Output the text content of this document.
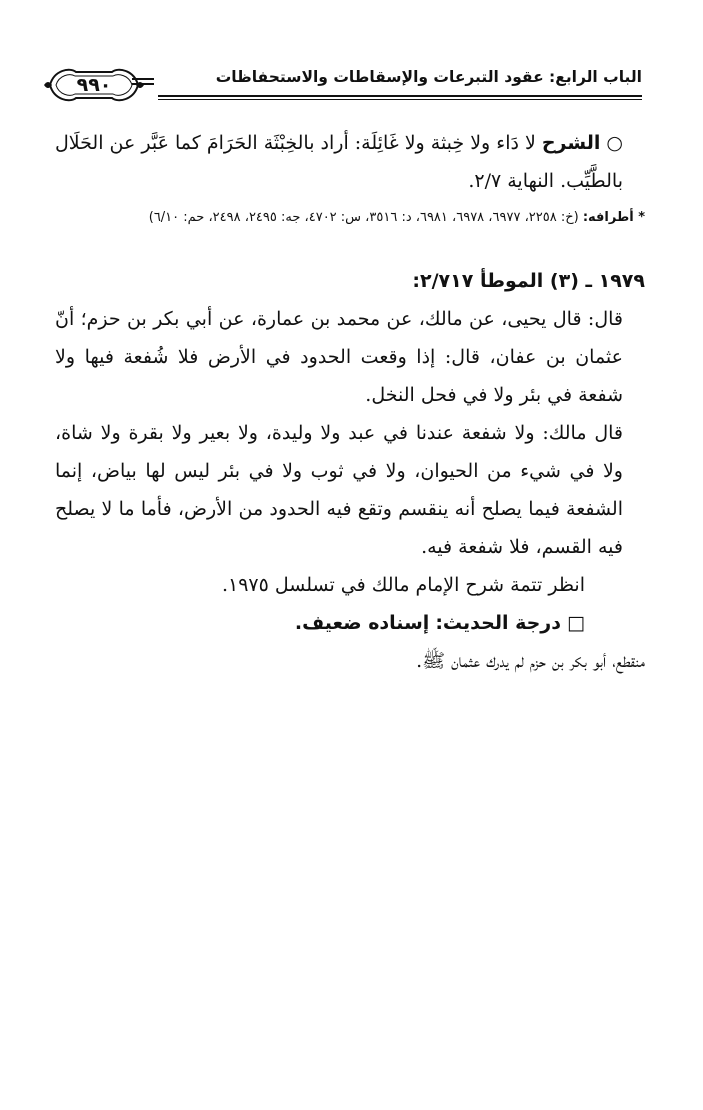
٩٩٠	الباب الرابع: عقود التبرعات والإسقاطات والاستحفاظات

○ الشرح لا دَاء ولا خِبثة ولا غَائِلَة: أراد بالخِبْثَة الحَرَامَ كما عَبَّر عن الحَلَال بالطَّيِّب. النهاية ٢/٧.

* أطرافه: (خ: ٢٢٥٨، ٦٩٧٧، ٦٩٧٨، ٦٩٨١، د: ٣٥١٦، س: ٤٧٠٢، جه: ٢٤٩٥، ٢٤٩٨، حم: ٦/١٠)

١٩٧٩ ـ (٣) الموطأ ٢/٧١٧:

قال: قال يحيى، عن مالك، عن محمد بن عمارة، عن أبي بكر بن حزم؛ أنّ عثمان بن عفان، قال: إذا وقعت الحدود في الأرض فلا شُفعة فيها ولا شفعة في بئر ولا في فحل النخل.

قال مالك: ولا شفعة عندنا في عبد ولا وليدة، ولا بعير ولا بقرة ولا شاة، ولا في شيء من الحيوان، ولا في ثوب ولا في بئر ليس لها بياض، إنما الشفعة فيما يصلح أنه ينقسم وتقع فيه الحدود من الأرض، فأما ما لا يصلح فيه القسم، فلا شفعة فيه.

انظر تتمة شرح الإمام مالك في تسلسل ١٩٧٥.

□ درجة الحديث: إسناده ضعيف.

منقطع، أبو بكر بن حزم لم يدرك عثمان ﷺ.
